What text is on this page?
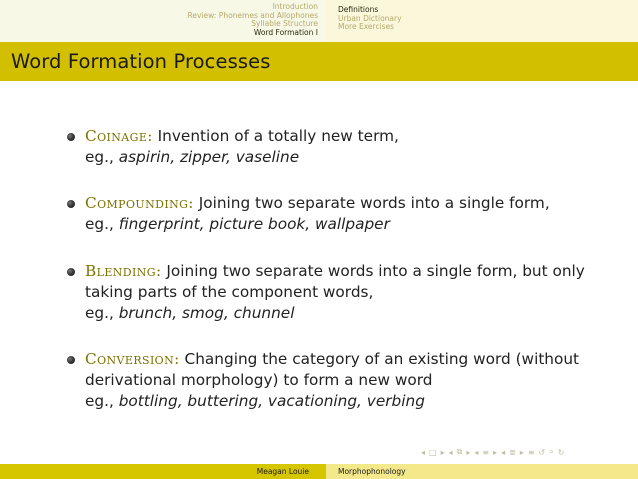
Introduction
Review: Phonemes and Allophones
Syllable Structure
Word Formation I
Definitions
Urban Dictionary
More Exercises
Word Formation Processes
Coinage: Invention of a totally new term,
eg., aspirin, zipper, vaseline
Compounding: Joining two separate words into a single form,
eg., fingerprint, picture book, wallpaper
Blending: Joining two separate words into a single form, but only
taking parts of the component words,
eg., brunch, smog, chunnel
Conversion: Changing the category of an existing word (without
derivational morphology) to form a new word
eg., bottling, buttering, vacationing, verbing
◂ □ ▸ ◂ ⧉ ▸ ◂ ≡ ▸ ◂ ≣ ▸ ≡ ↺ ⌕ ↻
Meagan Louie	Morphophonology
